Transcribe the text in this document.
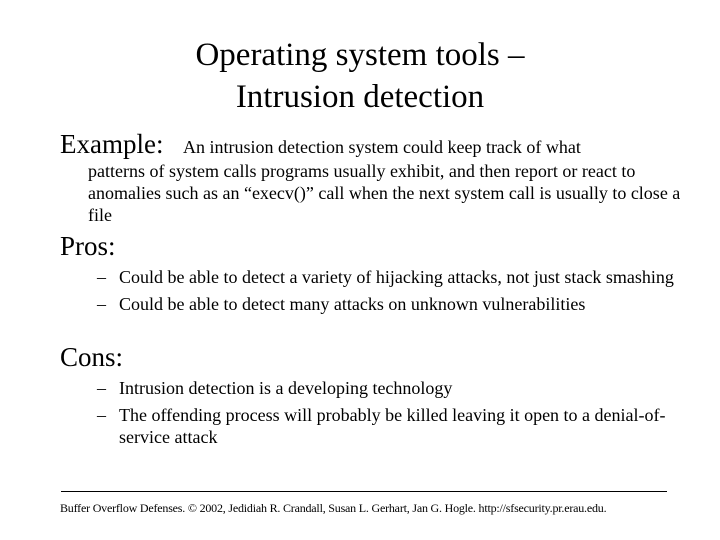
Operating system tools –
Intrusion detection
Example: An intrusion detection system could keep track of what
patterns of system calls programs usually exhibit, and then report or react to anomalies such as an “execv()” call when the next system call is usually to close a file
Pros:
– Could be able to detect a variety of hijacking attacks, not just stack smashing
– Could be able to detect many attacks on unknown vulnerabilities
Cons:
– Intrusion detection is a developing technology
– The offending process will probably be killed leaving it open to a denial-of-service attack
Buffer Overflow Defenses. © 2002, Jedidiah R. Crandall, Susan L. Gerhart, Jan G. Hogle. http://sfsecurity.pr.erau.edu.
